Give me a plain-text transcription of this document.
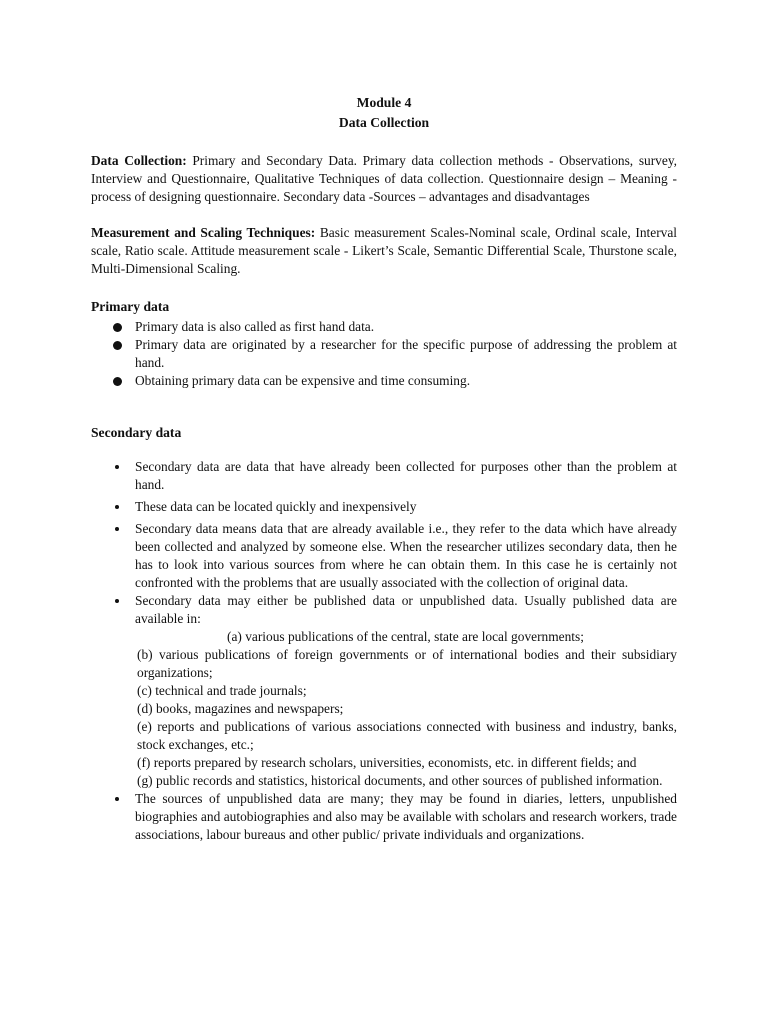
Module 4
Data Collection
Data Collection: Primary and Secondary Data. Primary data collection methods - Observations, survey, Interview and Questionnaire, Qualitative Techniques of data collection. Questionnaire design – Meaning - process of designing questionnaire. Secondary data -Sources – advantages and disadvantages
Measurement and Scaling Techniques: Basic measurement Scales-Nominal scale, Ordinal scale, Interval scale, Ratio scale. Attitude measurement scale - Likert’s Scale, Semantic Differential Scale, Thurstone scale, Multi-Dimensional Scaling.
Primary data
Primary data is also called as first hand data.
Primary data are originated by a researcher for the specific purpose of addressing the problem at hand.
Obtaining primary data can be expensive and time consuming.
Secondary data
Secondary data are data that have already been collected for purposes other than the problem at hand.
These data can be located quickly and inexpensively
Secondary data means data that are already available i.e., they refer to the data which have already been collected and analyzed by someone else. When the researcher utilizes secondary data, then he has to look into various sources from where he can obtain them. In this case he is certainly not confronted with the problems that are usually associated with the collection of original data.
Secondary data may either be published data or unpublished data. Usually published data are available in:
(a) various publications of the central, state are local governments;
(b) various publications of foreign governments or of international bodies and their subsidiary organizations;
(c) technical and trade journals;
(d) books, magazines and newspapers;
(e) reports and publications of various associations connected with business and industry, banks, stock exchanges, etc.;
(f) reports prepared by research scholars, universities, economists, etc. in different fields; and
(g) public records and statistics, historical documents, and other sources of published information.
The sources of unpublished data are many; they may be found in diaries, letters, unpublished biographies and autobiographies and also may be available with scholars and research workers, trade associations, labour bureaus and other public/ private individuals and organizations.
